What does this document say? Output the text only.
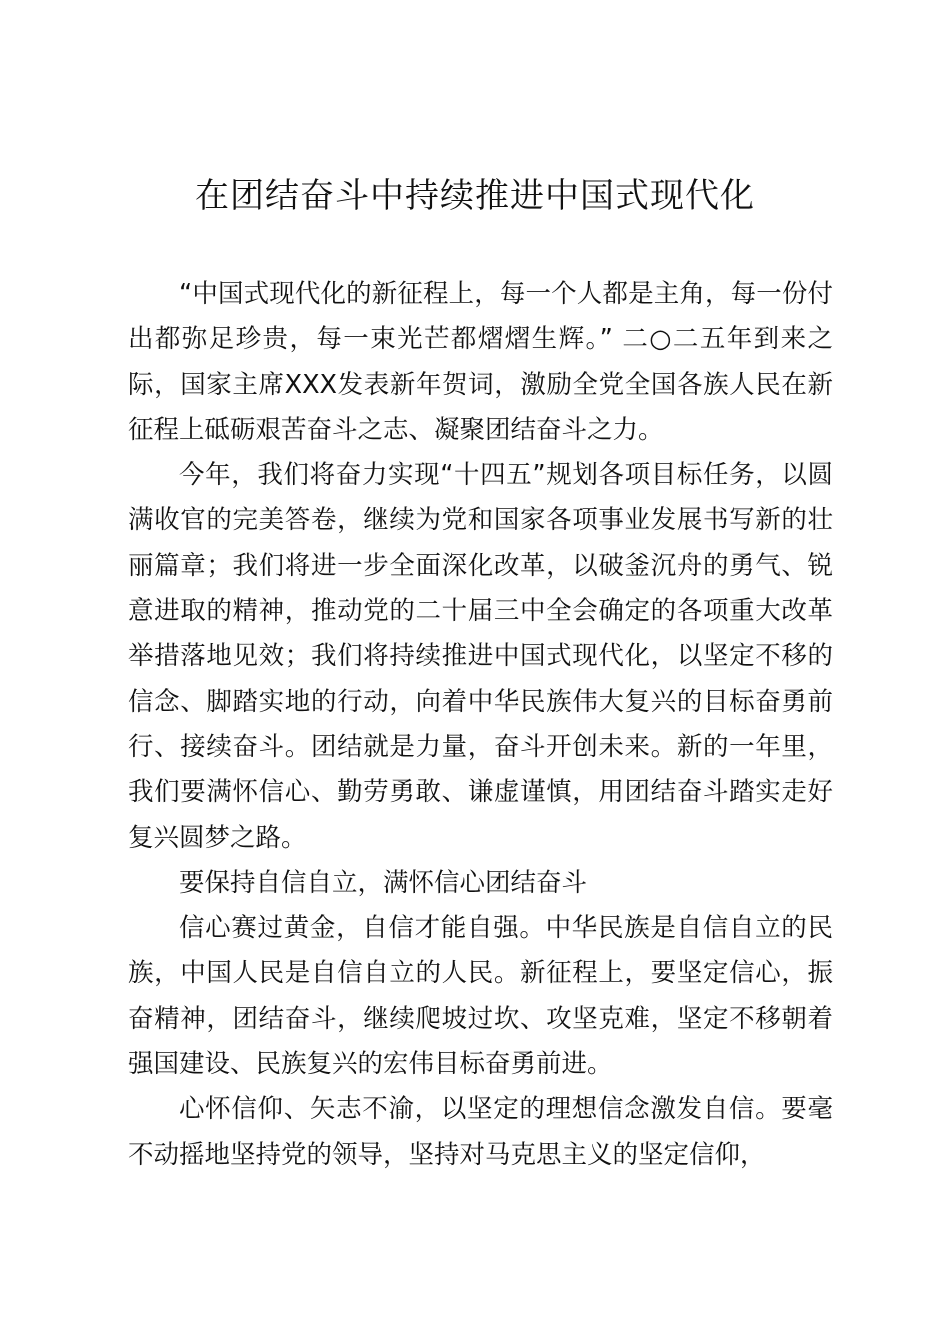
在团结奋斗中持续推进中国式现代化

“中国式现代化的新征程上，每一个人都是主角，每一份付出都弥足珍贵，每一束光芒都熠熠生辉。” 二○二五年到来之际，国家主席XXX发表新年贺词，激励全党全国各族人民在新征程上砥砺艰苦奋斗之志、凝聚团结奋斗之力。

今年，我们将奋力实现“十四五”规划各项目标任务，以圆满收官的完美答卷，继续为党和国家各项事业发展书写新的壮丽篇章；我们将进一步全面深化改革，以破釜沉舟的勇气、锐意进取的精神，推动党的二十届三中全会确定的各项重大改革举措落地见效；我们将持续推进中国式现代化，以坚定不移的信念、脚踏实地的行动，向着中华民族伟大复兴的目标奋勇前行、接续奋斗。团结就是力量，奋斗开创未来。新的一年里，我们要满怀信心、勤劳勇敢、谦虚谨慎，用团结奋斗踏实走好复兴圆梦之路。

要保持自信自立，满怀信心团结奋斗

信心赛过黄金，自信才能自强。中华民族是自信自立的民族，中国人民是自信自立的人民。新征程上，要坚定信心，振奋精神，团结奋斗，继续爬坡过坎、攻坚克难，坚定不移朝着强国建设、民族复兴的宏伟目标奋勇前进。

心怀信仰、矢志不渝，以坚定的理想信念激发自信。要毫不动摇地坚持党的领导，坚持对马克思主义的坚定信仰，
